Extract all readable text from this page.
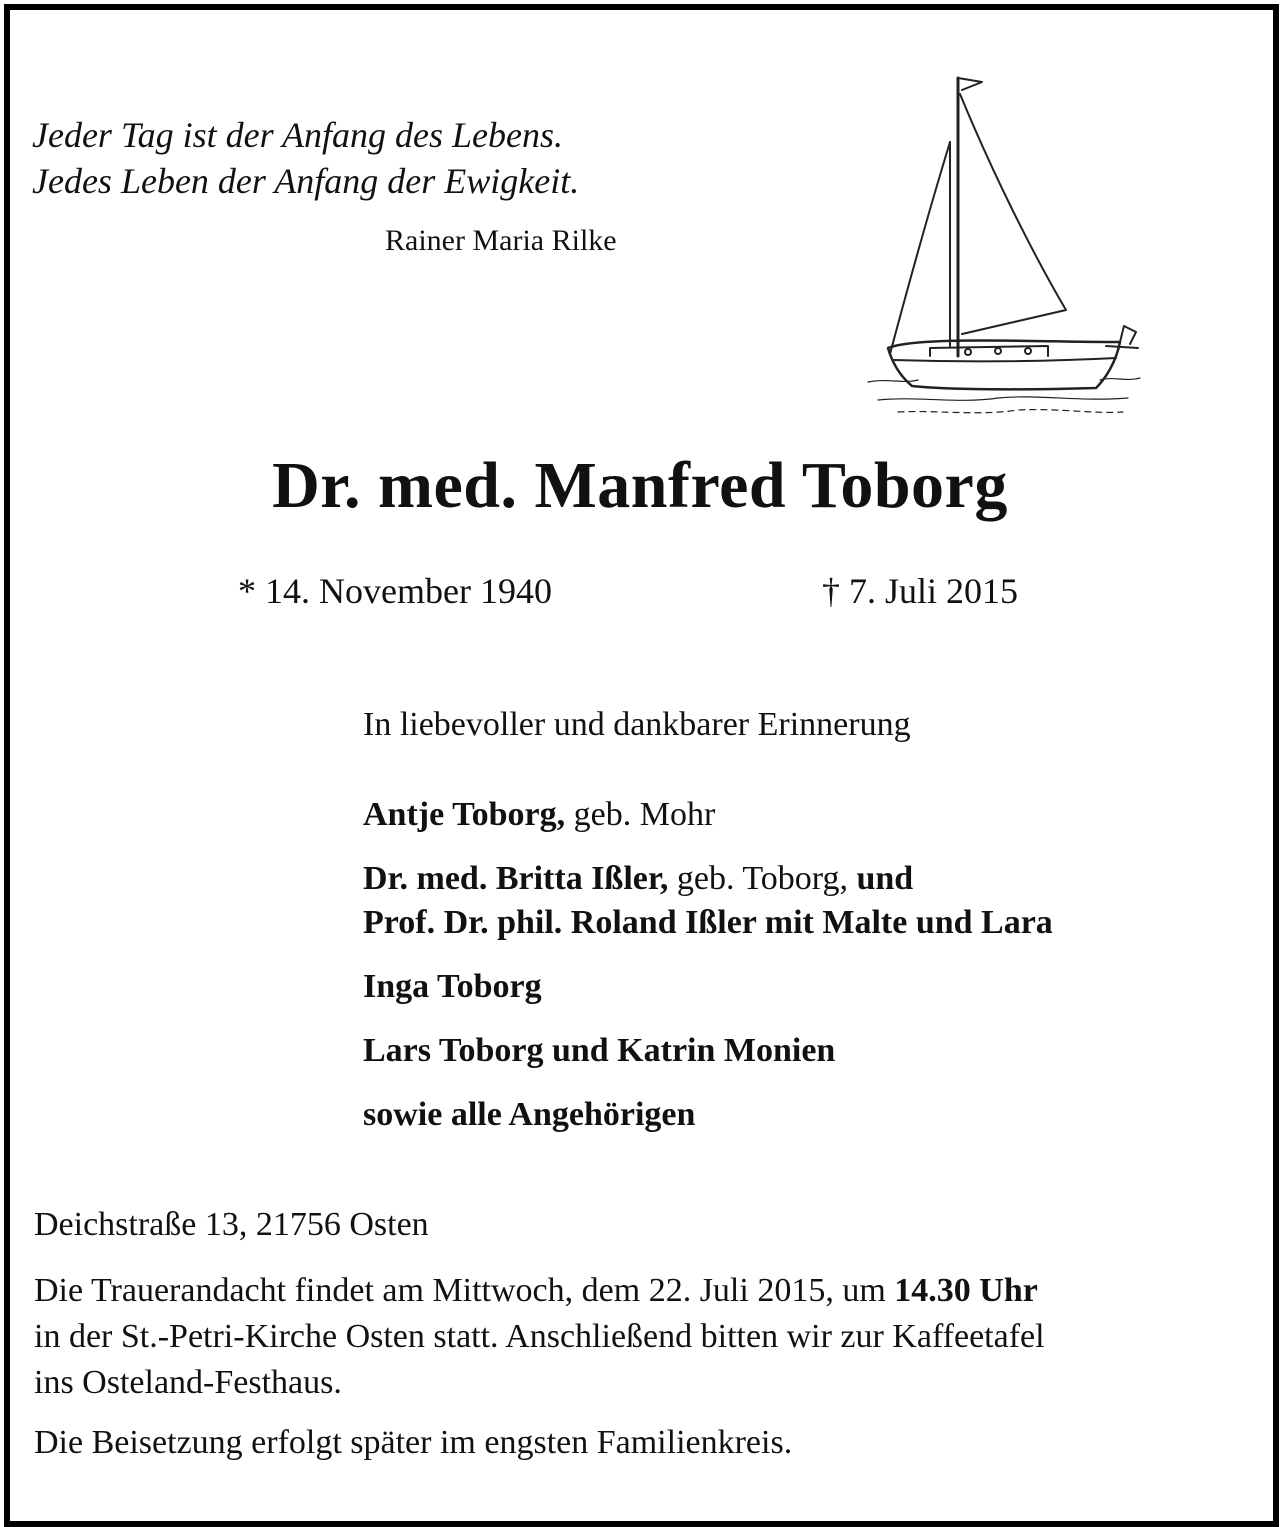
Jeder Tag ist der Anfang des Lebens.
Jedes Leben der Anfang der Ewigkeit.
Rainer Maria Rilke
Dr. med. Manfred Toborg
* 14. November 1940	† 7. Juli 2015
In liebevoller und dankbarer Erinnerung
Antje Toborg, geb. Mohr
Dr. med. Britta Ißler, geb. Toborg, und
Prof. Dr. phil. Roland Ißler mit Malte und Lara
Inga Toborg
Lars Toborg und Katrin Monien
sowie alle Angehörigen
Deichstraße 13, 21756 Osten
Die Trauerandacht findet am Mittwoch, dem 22. Juli 2015, um 14.30 Uhr
in der St.-Petri-Kirche Osten statt. Anschließend bitten wir zur Kaffeetafel
ins Osteland-Festhaus.
Die Beisetzung erfolgt später im engsten Familienkreis.
